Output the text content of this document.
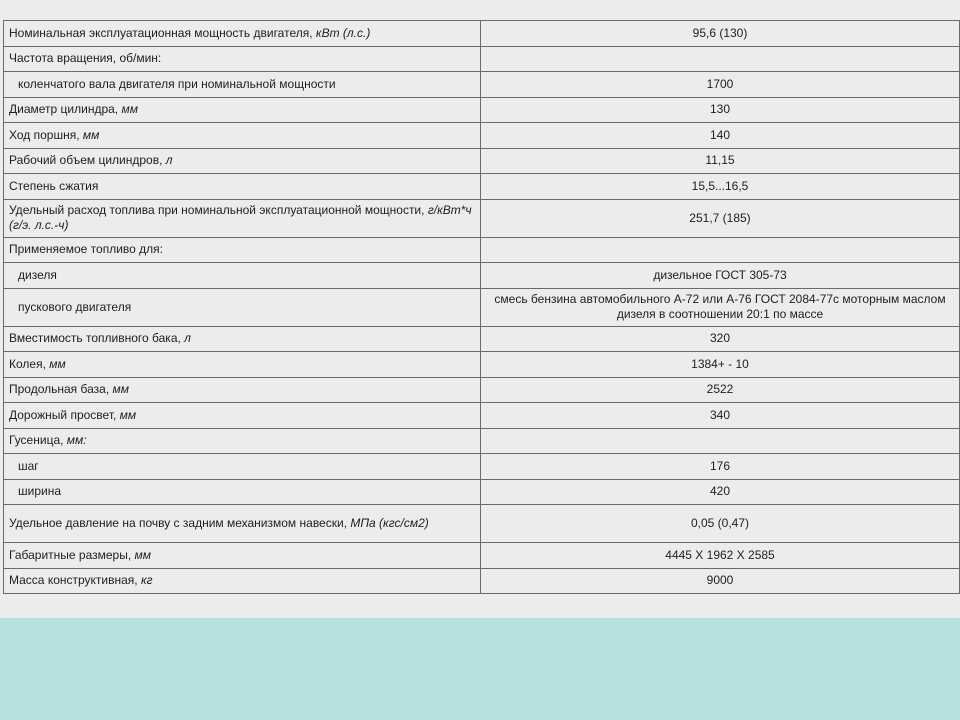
Номинальная эксплуатационная мощность двигателя, кВт (л.с.)	95,6 (130)
Частота вращения, об/мин:	
коленчатого вала двигателя при номинальной мощности	1700
Диаметр цилиндра, мм	130
Ход поршня, мм	140
Рабочий объем цилиндров, л	11,15
Степень сжатия	15,5...16,5
Удельный расход топлива при номинальной эксплуатационной мощности, г/кВт*ч (г/э. л.с.-ч)	251,7 (185)
Применяемое топливо для:	
дизеля	дизельное ГОСТ 305-73
пускового двигателя	смесь бензина автомобильного А-72 или А-76 ГОСТ 2084-77с моторным маслом дизеля в соотношении 20:1 по массе
Вместимость топливного бака, л	320
Колея, мм	1384+ - 10
Продольная база, мм	2522
Дорожный просвет, мм	340
Гусеница, мм:	
шаг	176
ширина	420
Удельное давление на почву с задним механизмом навески, МПа (кгс/см2)	0,05 (0,47)
Габаритные размеры, мм	4445 Х 1962 Х 2585
Масса конструктивная, кг	9000
